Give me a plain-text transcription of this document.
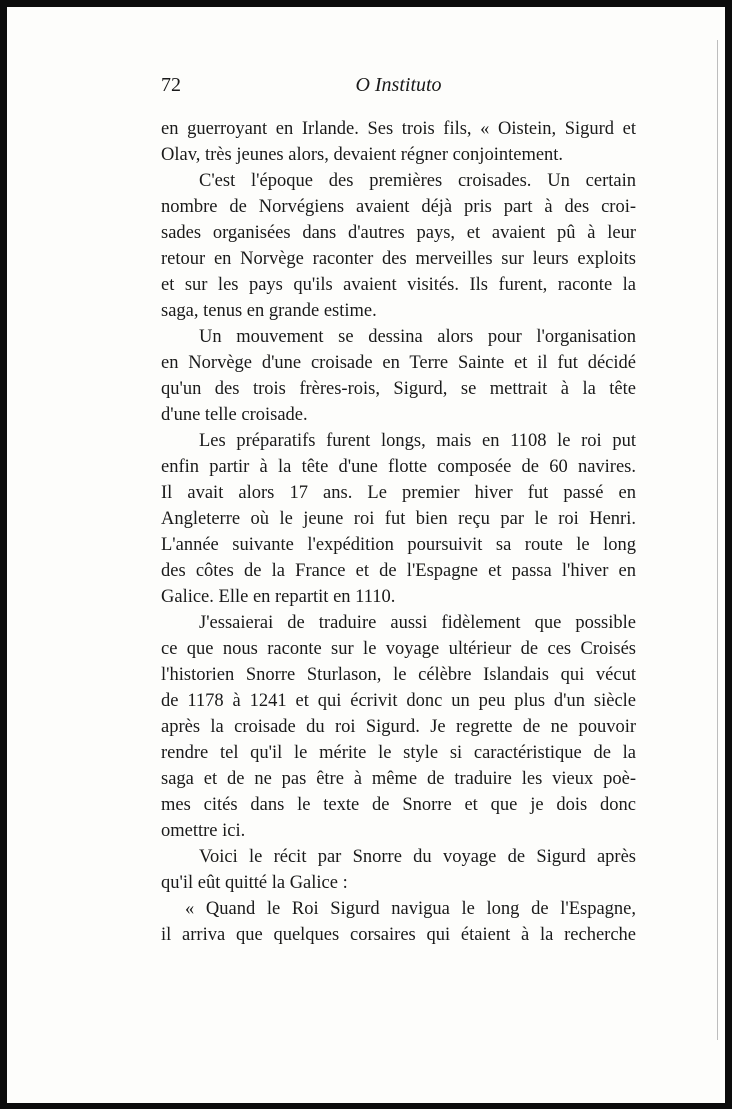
72	O Instituto
en guerroyant en Irlande. Ses trois fils, « Oistein, Sigurd et
Olav, très jeunes alors, devaient régner conjointement.
C'est l'époque des premières croisades. Un certain
nombre de Norvégiens avaient déjà pris part à des croi-
sades organisées dans d'autres pays, et avaient pû à leur
retour en Norvège raconter des merveilles sur leurs exploits
et sur les pays qu'ils avaient visités. Ils furent, raconte la
saga, tenus en grande estime.
Un mouvement se dessina alors pour l'organisation
en Norvège d'une croisade en Terre Sainte et il fut décidé
qu'un des trois frères-rois, Sigurd, se mettrait à la tête
d'une telle croisade.
Les préparatifs furent longs, mais en 1108 le roi put
enfin partir à la tête d'une flotte composée de 60 navires.
Il avait alors 17 ans. Le premier hiver fut passé en
Angleterre où le jeune roi fut bien reçu par le roi Henri.
L'année suivante l'expédition poursuivit sa route le long
des côtes de la France et de l'Espagne et passa l'hiver en
Galice. Elle en repartit en 1110.
J'essaierai de traduire aussi fidèlement que possible
ce que nous raconte sur le voyage ultérieur de ces Croisés
l'historien Snorre Sturlason, le célèbre Islandais qui vécut
de 1178 à 1241 et qui écrivit donc un peu plus d'un siècle
après la croisade du roi Sigurd. Je regrette de ne pouvoir
rendre tel qu'il le mérite le style si caractéristique de la
saga et de ne pas être à même de traduire les vieux poè-
mes cités dans le texte de Snorre et que je dois donc
omettre ici.
Voici le récit par Snorre du voyage de Sigurd après
qu'il eût quitté la Galice :
« Quand le Roi Sigurd navigua le long de l'Espagne,
il arriva que quelques corsaires qui étaient à la recherche
